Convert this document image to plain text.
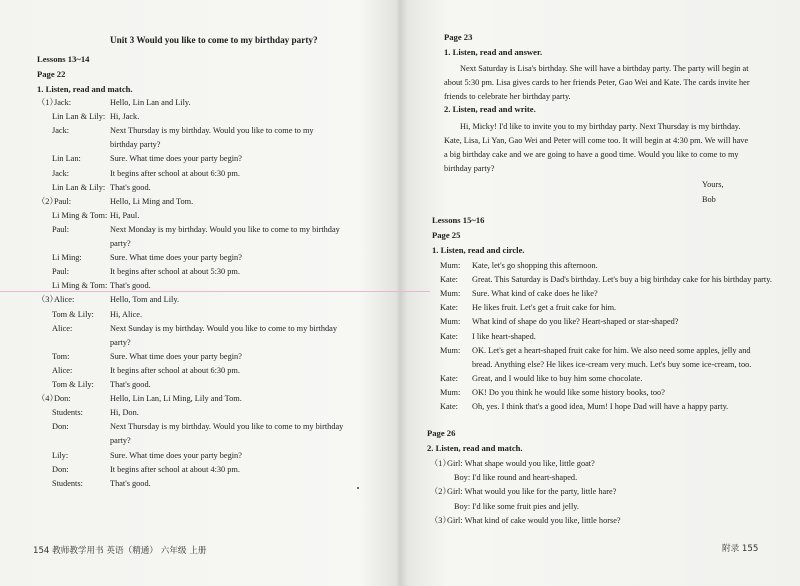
Unit 3 Would you like to come to my birthday party?
Lessons 13~14
Page 22
1. Listen, read and match.
（1）
Jack:	Hello, Lin Lan and Lily.
Lin Lan & Lily: Hi, Jack.
Jack:	Next Thursday is my birthday. Would you like to come to my
birthday party?
Lin Lan:	Sure. What time does your party begin?
Jack:	It begins after school at about 6:30 pm.
Lin Lan & Lily: That's good.
（2）
Paul:	Hello, Li Ming and Tom.
Li Ming & Tom: Hi, Paul.
Paul:	Next Monday is my birthday. Would you like to come to my birthday
party?
Li Ming:	Sure. What time does your party begin?
Paul:	It begins after school at about 5:30 pm.
Li Ming & Tom: That's good.
（3）
Alice:	Hello, Tom and Lily.
Tom & Lily: Hi, Alice.
Alice:	Next Sunday is my birthday. Would you like to come to my birthday
party?
Tom:	Sure. What time does your party begin?
Alice:	It begins after school at about 6:30 pm.
Tom & Lily: That's good.
（4）
Don:	Hello, Lin Lan, Li Ming, Lily and Tom.
Students:	Hi, Don.
Don:	Next Thursday is my birthday. Would you like to come to my birthday
party?
Lily:	Sure. What time does your party begin?
Don:	It begins after school at about 4:30 pm.
Students:	That's good.
154 教师教学用书 英语（精通） 六年级 上册
Page 23
1. Listen, read and answer.
Next Saturday is Lisa's birthday. She will have a birthday party. The party will begin at
about 5:30 pm. Lisa gives cards to her friends Peter, Gao Wei and Kate. The cards invite her
friends to celebrate her birthday party.
2. Listen, read and write.
Hi, Micky! I'd like to invite you to my birthday party. Next Thursday is my birthday.
Kate, Lisa, Li Yan, Gao Wei and Peter will come too. It will begin at 4:30 pm. We will have
a big birthday cake and we are going to have a good time. Would you like to come to my
birthday party?
Yours,
Bob
Lessons 15~16
Page 25
1. Listen, read and circle.
Mum: Kate, let's go shopping this afternoon.
Kate: Great. This Saturday is Dad's birthday. Let's buy a big birthday cake for his birthday party.
Mum: Sure. What kind of cake does he like?
Kate: He likes fruit. Let's get a fruit cake for him.
Mum: What kind of shape do you like? Heart-shaped or star-shaped?
Kate: I like heart-shaped.
Mum: OK. Let's get a heart-shaped fruit cake for him. We also need some apples, jelly and
bread. Anything else? He likes ice-cream very much. Let's buy some ice-cream, too.
Kate: Great, and I would like to buy him some chocolate.
Mum: OK! Do you think he would like some history books, too?
Kate: Oh, yes. I think that's a good idea, Mum! I hope Dad will have a happy party.
Page 26
2. Listen, read and match.
（1）
Girl: What shape would you like, little goat?
Boy: I'd like round and heart-shaped.
（2）
Girl: What would you like for the party, little hare?
Boy: I'd like some fruit pies and jelly.
（3）
Girl: What kind of cake would you like, little horse?
附录 155
